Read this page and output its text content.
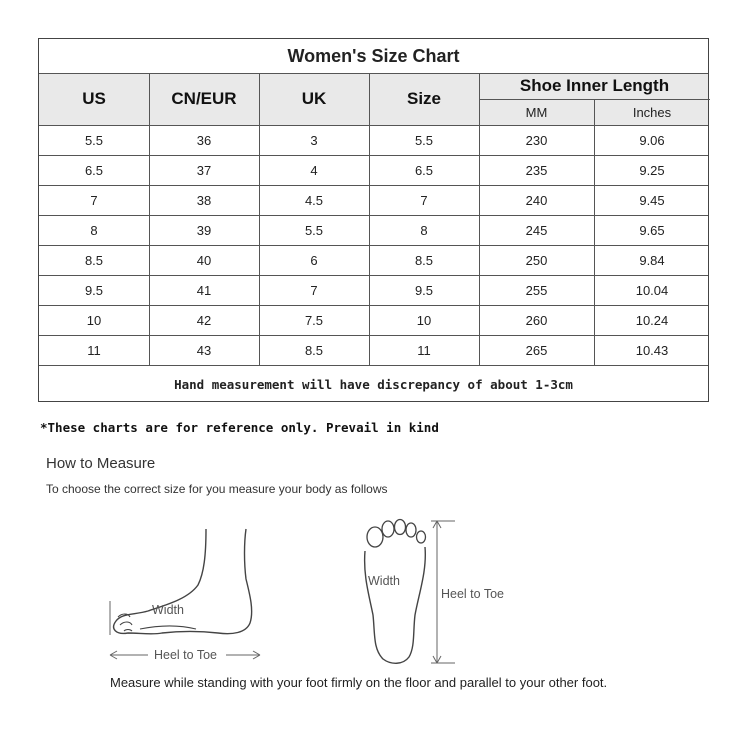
Women's Size Chart
US	CN/EUR	UK	Size
Shoe Inner Length
MM	Inches
5.5	36	3	5.5	230	9.06
6.5	37	4	6.5	235	9.25
7	38	4.5	7	240	9.45
8	39	5.5	8	245	9.65
8.5	40	6	8.5	250	9.84
9.5	41	7	9.5	255	10.04
10	42	7.5	10	260	10.24
11	43	8.5	11	265	10.43
Hand measurement will have discrepancy of about 1-3cm
*These charts are for reference only. Prevail in kind
How to Measure
To choose the correct size for you measure your body as follows
Width
Heel to Toe
Width
Heel to Toe
Measure while standing with your foot firmly on the floor and parallel to your other foot.
